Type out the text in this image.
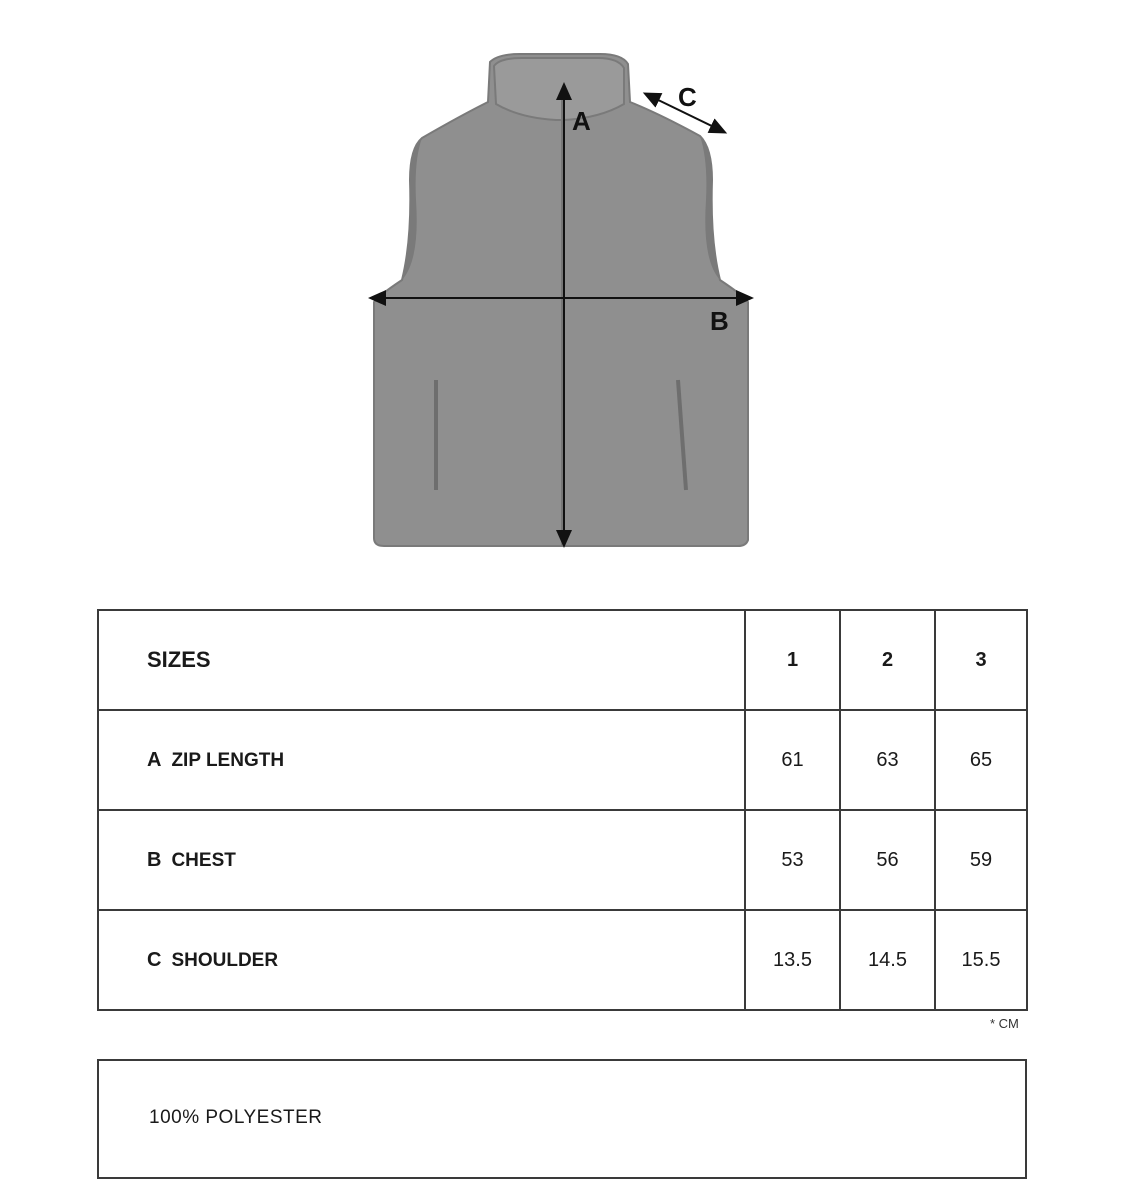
A
B
C
SIZES	1	2	3
A ZIP LENGTH	61	63	65
B CHEST	53	56	59
C SHOULDER	13.5	14.5	15.5
* CM
100% POLYESTER
